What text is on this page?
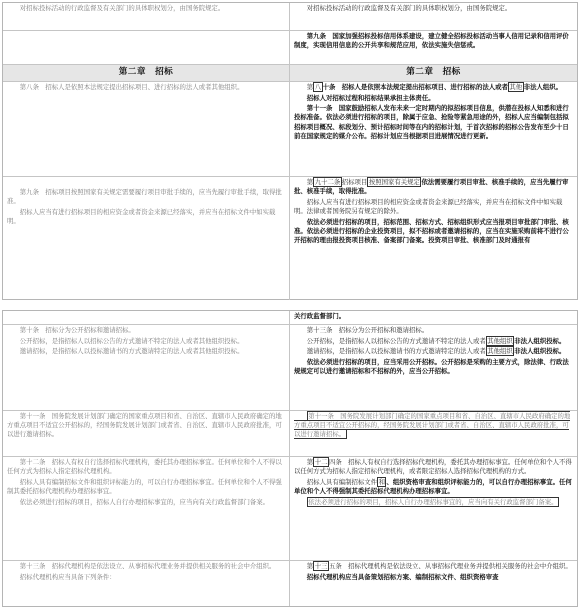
对招标投标活动的行政监督及有关部门的具体职权划分，由国务院规定。	对招标投标活动的行政监督及有关部门的具体职权划分，由国务院规定。

第九条　国家加强招标投标信用体系建设，建立健全招标投标活动当事人信用记录和信用评价制度，实现信用信息的公开共享和规范应用，依法实施失信惩戒。

第二章　招标	第二章　招标

第八条　招标人是依照本法规定提出招标项目、进行招标的法人或者其他组织。	第 八 十条　招标人是依照本法规定提出招标项目、进行招标的法人或者 其他 非法人组织。

招标人对招标过程和招标结果承担主体责任。

第十一条　国家鼓励招标人发布未来一定时期内的拟招标项目信息，供潜在投标人知悉和进行投标准备。依法必须进行招标的项目，除属于应急、抢险等紧急用途的外，招标人应当编制包括拟招标项目概况、标段划分、预计招标时间等在内的招标计划，于首次招标的招标公告发布至少十日前在国家规定的媒介公布。招标计划应当根据项目进展情况进行更新。

第九条　招标项目按照国家有关规定需要履行项目审批手续的，应当先履行审批手续，取得批准。

招标人应当有进行招标项目的相应资金或者资金来源已经落实，并应当在招标文件中如实载明。

第 九十二条 招标项目 按照国家有关规定 依法需要履行项目审批、核准手续的，应当先履行审批、核准手续，取得批准。

招标人应当有进行招标项目的相应资金或者资金来源已经落实，并应当在招标文件中如实载明。法律或者国务院另有规定的除外。

依法必须进行招标的项目，招标范围、招标方式、招标组织形式应当报项目审批部门审批、核准。依法必须进行招标的企业投资项目，拟不招标或者邀请招标的，应当在实施采购前将不进行公开招标的理由报投资项目核准、备案部门备案。投资项目审批、核准部门及时通报有

关行政监督部门。

第十条　招标分为公开招标和邀请招标。

公开招标，是指招标人以招标公告的方式邀请不特定的法人或者其他组织投标。

邀请招标，是指招标人以投标邀请书的方式邀请特定的法人或者其他组织投标。

第十三条　招标分为公开招标和邀请招标。

公开招标，是指招标人以招标公告的方式邀请不特定的法人或者 其他组织 非法人组织投标。

邀请招标，是指招标人以投标邀请书的方式邀请特定的法人或者 其他组织 非法人组织投标。

依法必须进行招标的项目，应当采用公开招标。公开招标是采购的主要方式，除法律、行政法规规定可以进行邀请招标和不招标的外，应当公开招标。

第十一条　国务院发展计划部门确定的国家重点项目和省、自治区、直辖市人民政府确定的地方重点项目不适宜公开招标的，经国务院发展计划部门或者省、自治区、直辖市人民政府批准，可以进行邀请招标。

第十一条　国务院发展计划部门确定的国家重点项目和省、自治区、直辖市人民政府确定的地方重点项目不适宜公开招标的，经国务院发展计划部门或者省、自治区、直辖市人民政府批准，可以进行邀请招标。

第十二条　招标人有权自行选择招标代理机构，委托其办理招标事宜。任何单位和个人不得以任何方式为招标人指定招标代理机构。

招标人具有编制招标文件和组织评标能力的，可以自行办理招标事宜。任何单位和个人不得强制其委托招标代理机构办理招标事宜。

依法必须进行招标的项目，招标人自行办理招标事宜的，应当向有关行政监督部门备案。

第 十二 四条　招标人有权自行选择招标代理机构，委托其办理招标事宜。任何单位和个人不得以任何方式为招标人指定招标代理机构，或者限定招标人选择招标代理机构的方式。

招标人具有编制招标文件 和 、组织资格审查和组织评标能力的，可以自行办理招标事宜。任何单位和个人不得强制其委托招标代理机构办理招标事宜。

依法必须进行招标的项目，招标人自行办理招标事宜的，应当向有关行政监督部门备案。

第十三条　招标代理机构是依法设立、从事招标代理业务并提供相关服务的社会中介组织。

招标代理机构应当具备下列条件：

第 十三 五条　招标代理机构是依法设立、从事招标代理业务并提供相关服务的社会中介组织。

招标代理机构应当具备策划招标方案、编制招标文件、组织资格审查
